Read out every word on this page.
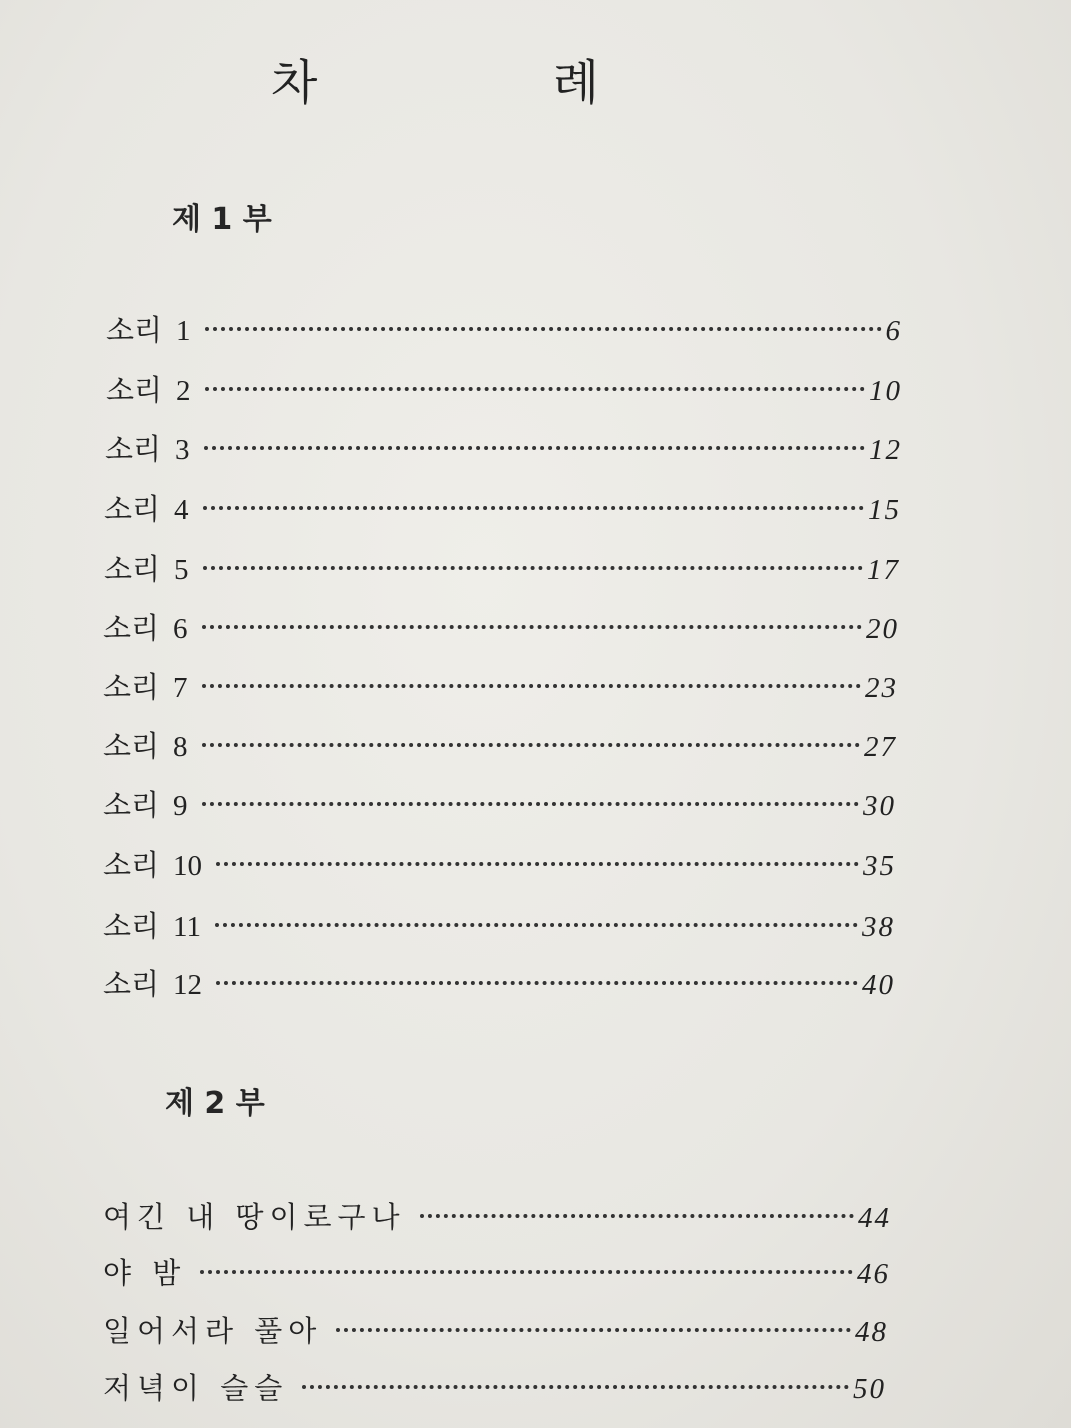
차 례
제 1 부
소리 1	6
소리 2	10
소리 3	12
소리 4	15
소리 5	17
소리 6	20
소리 7	23
소리 8	27
소리 9	30
소리 10	35
소리 11	38
소리 12	40
제 2 부
여긴 내 땅이로구나	44
야 밤	46
일어서라 풀아	48
저녁이 슬슬	50
